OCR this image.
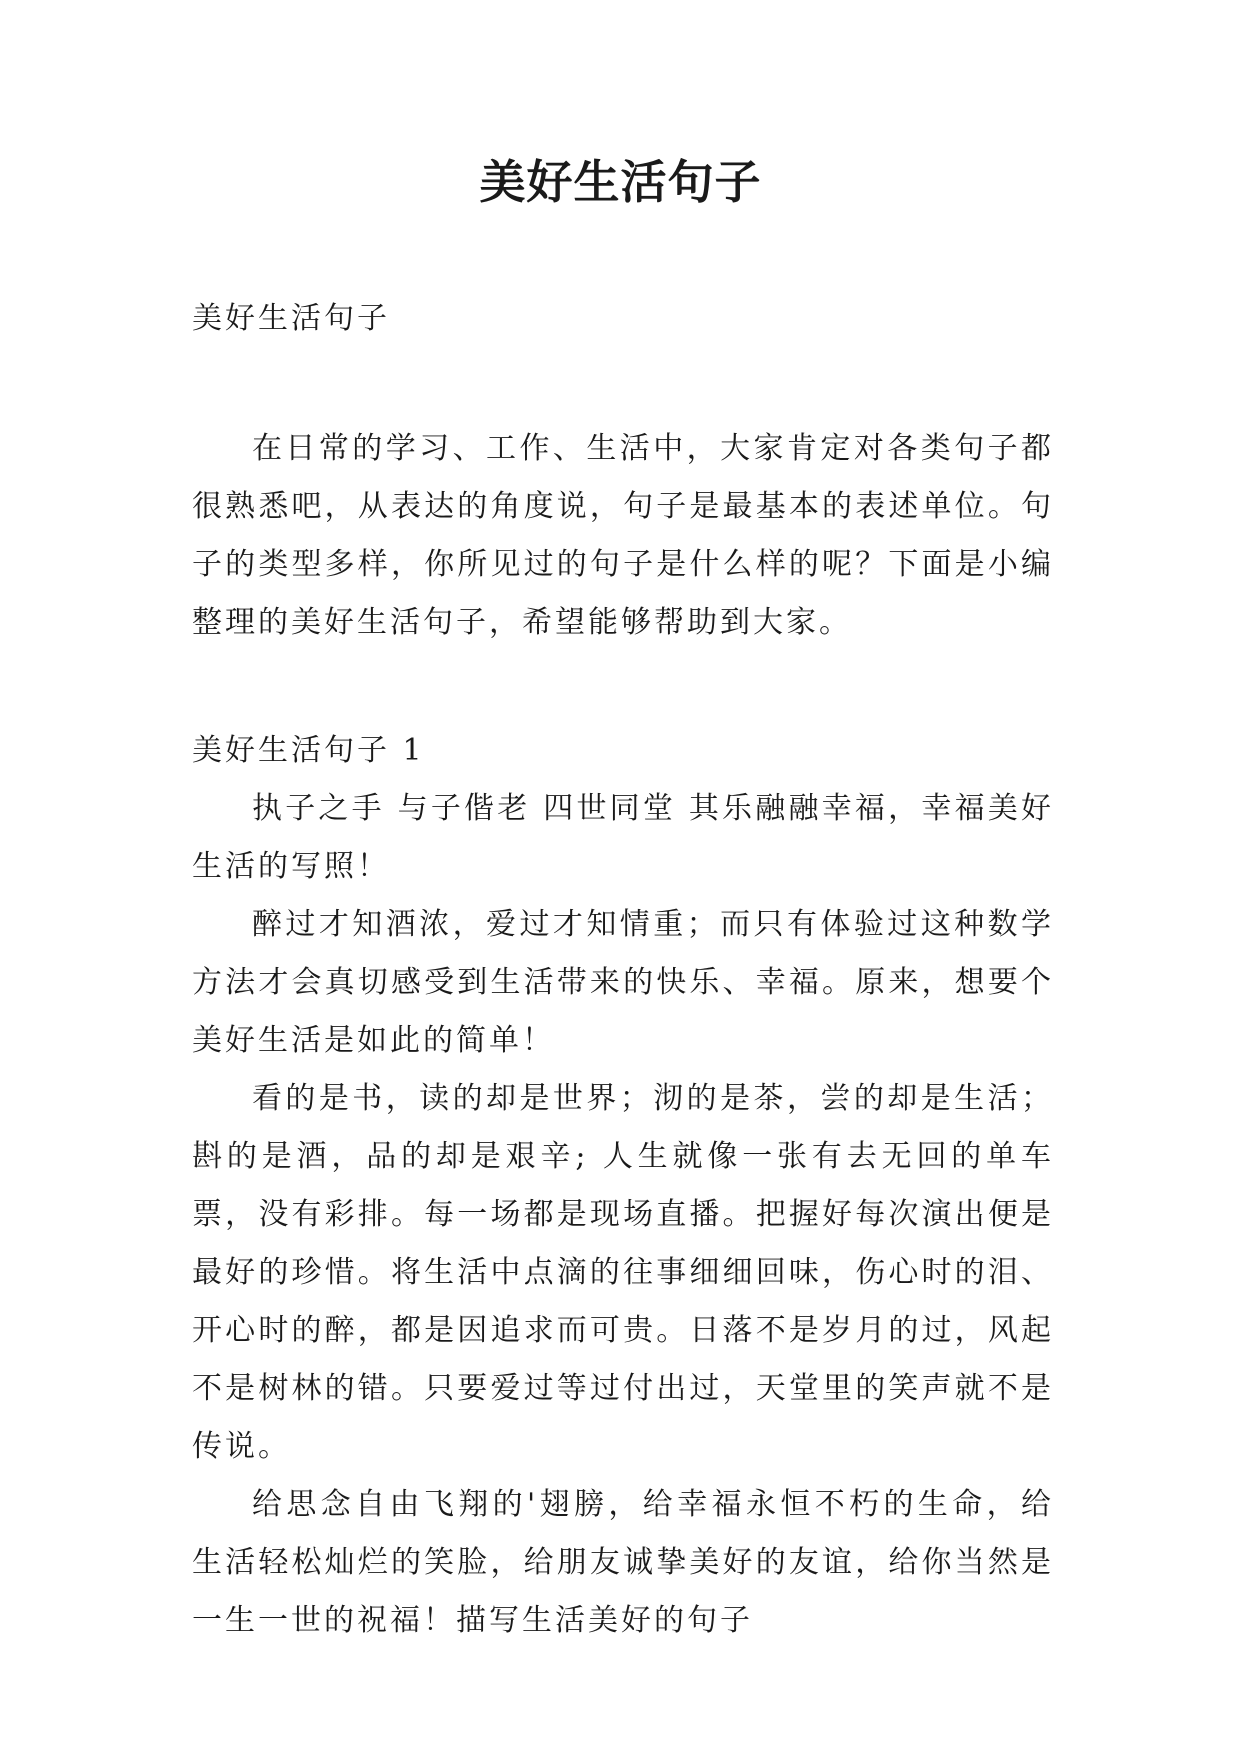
美好生活句子

美好生活句子

在日常的学习、工作、生活中，大家肯定对各类句子都很熟悉吧，从表达的角度说，句子是最基本的表述单位。句子的类型多样，你所见过的句子是什么样的呢？下面是小编整理的美好生活句子，希望能够帮助到大家。

美好生活句子 1

执子之手 与子偕老 四世同堂 其乐融融幸福，幸福美好生活的写照！

醉过才知酒浓，爱过才知情重；而只有体验过这种数学方法才会真切感受到生活带来的快乐、幸福。原来，想要个美好生活是如此的简单！

看的是书，读的却是世界；沏的是茶，尝的却是生活；斟的是酒，品的却是艰辛; 人生就像一张有去无回的单车票，没有彩排。每一场都是现场直播。把握好每次演出便是最好的珍惜。将生活中点滴的往事细细回味，伤心时的泪、开心时的醉，都是因追求而可贵。日落不是岁月的过，风起不是树林的错。只要爱过等过付出过，天堂里的笑声就不是传说。

给思念自由飞翔的'翅膀，给幸福永恒不朽的生命，给生活轻松灿烂的笑脸，给朋友诚挚美好的友谊，给你当然是一生一世的祝福！描写生活美好的句子
